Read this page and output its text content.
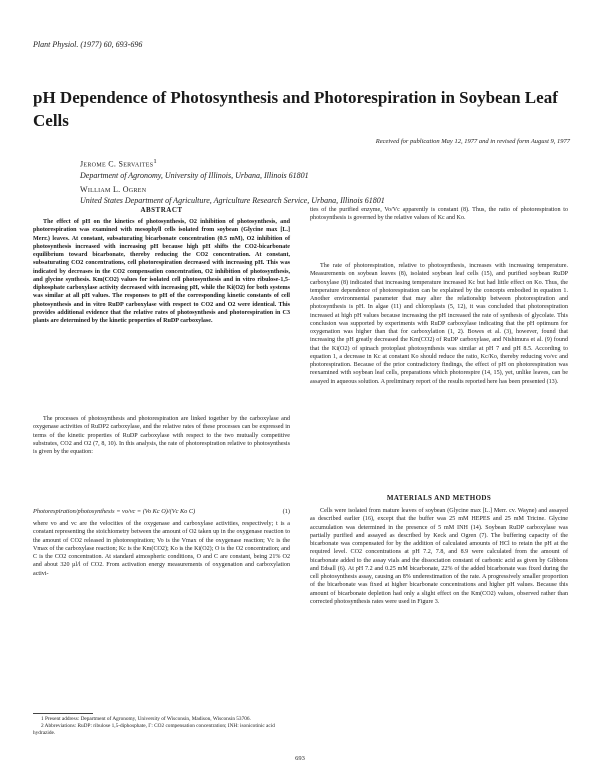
Plant Physiol. (1977) 60, 693-696
pH Dependence of Photosynthesis and Photorespiration in Soybean Leaf Cells
Received for publication May 12, 1977 and in revised form August 9, 1977
Jerome C. Servaites$^1$
Department of Agronomy, University of Illinois, Urbana, Illinois 61801
William L. Ogren
United States Department of Agriculture, Agriculture Research Service, Urbana, Illinois 61801
ABSTRACT
The effect of pH on the kinetics of photosynthesis, O2 inhibition of photosynthesis, and photorespiration was examined with mesophyll cells isolated from soybean (Glycine max [L.] Merr.) leaves. At constant, subsaturating bicarbonate concentration (0.5 mM), O2 inhibition of photosynthesis increased with increasing pH because high pH shifts the CO2-bicarbonate equilibrium toward bicarbonate, thereby reducing the CO2 concentration. At constant, subsaturating CO2 concentrations, cell photorespiration decreased with increasing pH. This was indicated by decreases in the CO2 compensation concentration, O2 inhibition of photosynthesis, and glycine synthesis. Km(CO2) values for isolated cell photosynthesis and in vitro ribulose-1,5-diphosphate carboxylase activity decreased with increasing pH, while the Ki(O2) for both systems was similar at all pH values. The responses to pH of the corresponding kinetic constants of cell photosynthesis and in vitro RuDP carboxylase with respect to CO2 and O2 were identical. This provides additional evidence that the relative rates of photosynthesis and photorespiration in C3 plants are determined by the kinetic properties of RuDP carboxylase.
The processes of photosynthesis and photorespiration are linked together by the carboxylase and oxygenase activities of RuDP2 carboxylase, and the relative rates of these processes can be expressed in terms of the kinetic properties of RuDP carboxylase with respect to the two mutually competitive substrates, CO2 and O2 (7, 8, 10). In this analysis, the rate of photorespiration relative to photosynthesis is given by the equation:
Photorespiration/photosynthesis = vo/vc = (Vo Kc O)/(Vc Ko C)	(1)
where vo and vc are the velocities of the oxygenase and carboxylase activities, respectively; t is a constant representing the stoichiometry between the amount of O2 taken up in the oxygenase reaction to the amount of CO2 released in photorespiration; Vo is the Vmax of the oxygenase reaction; Vc is the Vmax of the carboxylase reaction; Kc is the Km(CO2); Ko is the Ki(O2); O is the O2 concentration; and C is the CO2 concentration. At standard atmospheric conditions, O and C are constant, being 21% O2 and about 320 µl/l of CO2. From activation energy measurements of oxygenation and carboxylation activi-

1 Present address: Department of Agronomy, University of Wisconsin, Madison, Wisconsin 53706.

2 Abbreviations: RuDP: ribulose 1,5-diphosphate, Γ: CO2 compensation concentration; INH: isonicotinic acid hydrazide.

ties of the purified enzyme, Vo/Vc apparently is constant (8). Thus, the ratio of photorespiration to photosynthesis is governed by the relative values of Kc and Ko.
The rate of photorespiration, relative to photosynthesis, increases with increasing temperature. Measurements on soybean leaves (8), isolated soybean leaf cells (15), and purified soybean RuDP carboxylase (8) indicated that increasing temperature increased Kc but had little effect on Ko. Thus, the temperature dependence of photorespiration can be explained by the concepts embodied in equation 1. Another environmental parameter that may alter the relationship between photorespiration and photosynthesis is pH. In algae (11) and chloroplasts (5, 12), it was concluded that photorespiration increased at high pH values because increasing the pH increased the rate of synthesis of glycolate. This conclusion was supported by experiments with RuDP carboxylase indicating that the pH optimum for oxygenation was higher than that for carboxylation (1, 2). Bowes et al. (3), however, found that increasing the pH greatly decreased the Km(CO2) of RuDP carboxylase, and Nishimura et al. (9) found that the Ki(O2) of spinach protoplast photosynthesis was similar at pH 7 and pH 8.5. According to equation 1, a decrease in Kc at constant Ko should reduce the ratio, Kc/Ko, thereby reducing vo/vc and photorespiration. Because of the prior contradictory findings, the effect of pH on photorespiration was reexamined with soybean leaf cells, preparations which photorespire (14, 15), yet, unlike leaves, can be assayed in aqueous solution. A preliminary report of the results reported here has been presented (13).
MATERIALS AND METHODS
Cells were isolated from mature leaves of soybean (Glycine max [L.] Merr. cv. Wayne) and assayed as described earlier (16), except that the buffer was 25 mM HEPES and 25 mM Tricine. Glycine accumulation was determined in the presence of 5 mM INH (14). Soybean RuDP carboxylase was partially purified and assayed as described by Keck and Ogren (7). The buffering capacity of the bicarbonate was compensated for by the addition of calculated amounts of HCl to retain the pH at the required level. CO2 concentrations at pH 7.2, 7.8, and 8.9 were calculated from the amount of bicarbonate added to the assay vials and the dissociation constant of carbonic acid as given by Gibbons and Edsall (6). At pH 7.2 and 0.25 mM bicarbonate, 22% of the added bicarbonate was fixed during the cell photosynthesis assay, causing an 8% underestimation of the rate. A progressively smaller proportion of the bicarbonate was fixed at higher bicarbonate concentrations and higher pH values. Because this amount of bicarbonate depletion had only a slight effect on the Km(CO2) values, observed rather than corrected photosynthesis rates were used in Figure 3.
693
